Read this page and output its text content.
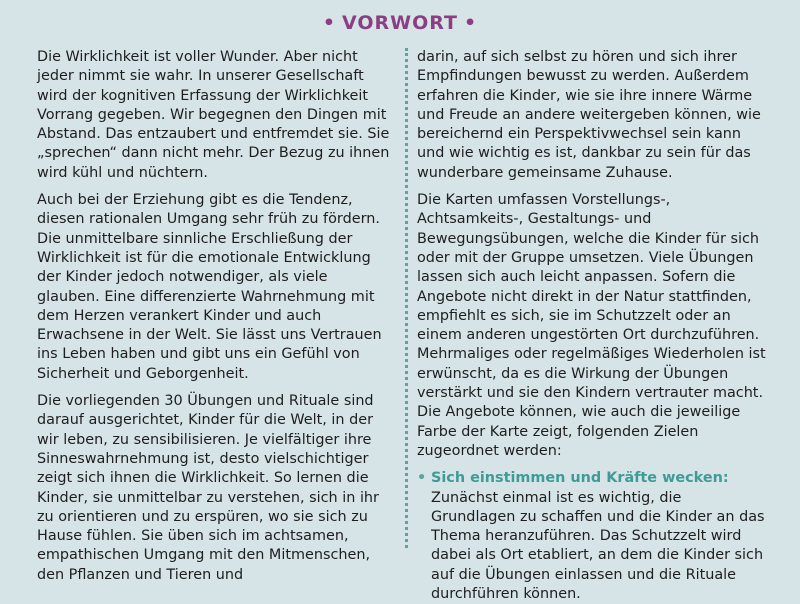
• VORWORT •

Die Wirklichkeit ist voller Wunder. Aber nicht jeder nimmt sie wahr. In unserer Gesellschaft wird der kognitiven Erfassung der Wirklichkeit Vorrang gegeben. Wir begegnen den Dingen mit Abstand. Das entzaubert und entfremdet sie. Sie „sprechen“ dann nicht mehr. Der Bezug zu ihnen wird kühl und nüchtern.

Auch bei der Erziehung gibt es die Tendenz, diesen rationalen Umgang sehr früh zu fördern. Die unmittelbare sinnliche Erschließung der Wirklichkeit ist für die emotionale Entwicklung der Kinder jedoch notwendiger, als viele glauben. Eine differenzierte Wahrnehmung mit dem Herzen verankert Kinder und auch Erwachsene in der Welt. Sie lässt uns Vertrauen ins Leben haben und gibt uns ein Gefühl von Sicherheit und Geborgenheit.

Die vorliegenden 30 Übungen und Rituale sind darauf ausgerichtet, Kinder für die Welt, in der wir leben, zu sensibilisieren. Je vielfältiger ihre Sinneswahrnehmung ist, desto vielschichtiger zeigt sich ihnen die Wirklichkeit. So lernen die Kinder, sie unmittelbar zu verstehen, sich in ihr zu orientieren und zu erspüren, wo sie sich zu Hause fühlen. Sie üben sich im achtsamen, empathischen Umgang mit den Mitmenschen, den Pflanzen und Tieren und

darin, auf sich selbst zu hören und sich ihrer Empfindungen bewusst zu werden. Außerdem erfahren die Kinder, wie sie ihre innere Wärme und Freude an andere weitergeben können, wie bereichernd ein Perspektivwechsel sein kann und wie wichtig es ist, dankbar zu sein für das wunderbare gemeinsame Zuhause.

Die Karten umfassen Vorstellungs-, Achtsamkeits-, Gestaltungs- und Bewegungsübungen, welche die Kinder für sich oder mit der Gruppe umsetzen. Viele Übungen lassen sich auch leicht anpassen. Sofern die Angebote nicht direkt in der Natur stattfinden, empfiehlt es sich, sie im Schutzzelt oder an einem anderen ungestörten Ort durchzuführen. Mehrmaliges oder regelmäßiges Wiederholen ist erwünscht, da es die Wirkung der Übungen verstärkt und sie den Kindern vertrauter macht. Die Angebote können, wie auch die jeweilige Farbe der Karte zeigt, folgenden Zielen zugeordnet werden:

• Sich einstimmen und Kräfte wecken: Zunächst einmal ist es wichtig, die Grundlagen zu schaffen und die Kinder an das Thema heranzuführen. Das Schutzzelt wird dabei als Ort etabliert, an dem die Kinder sich auf die Übungen einlassen und die Rituale durchführen können.
